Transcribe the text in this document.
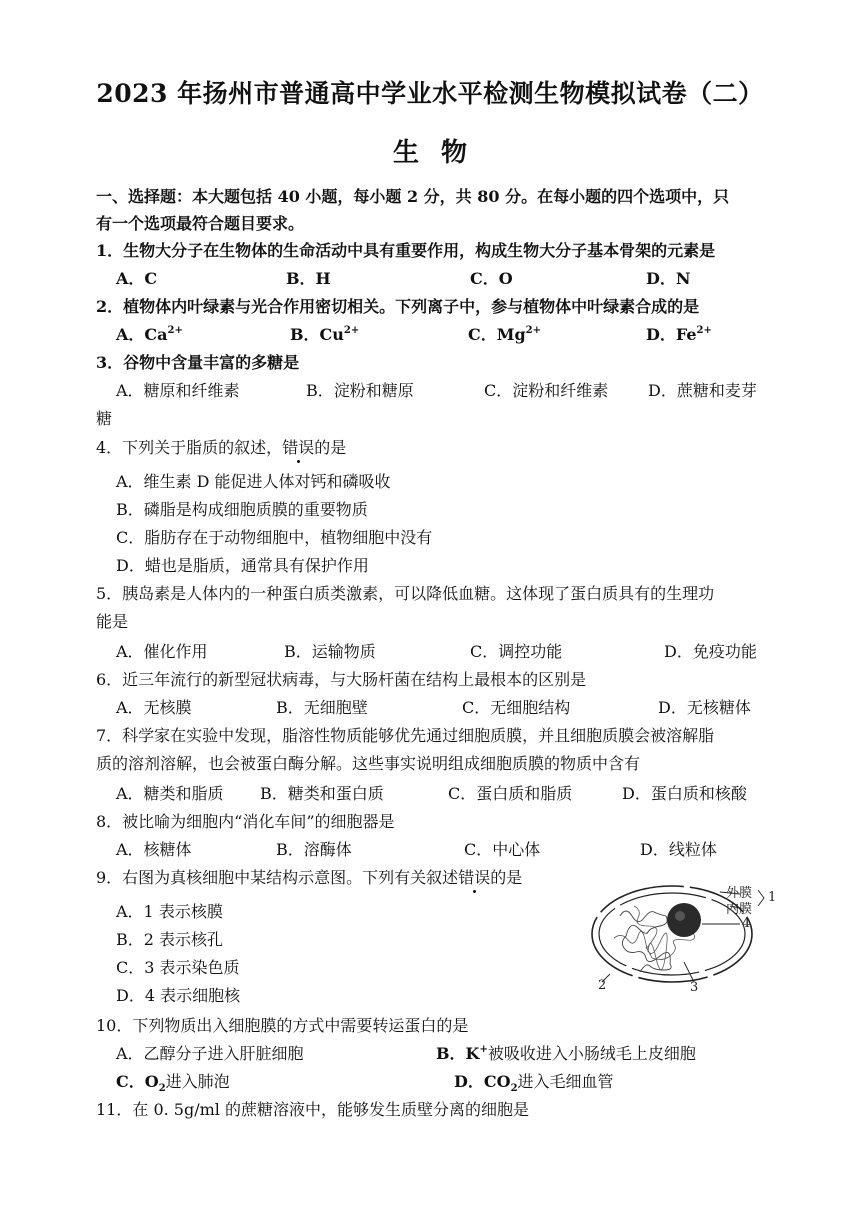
2023 年扬州市普通高中学业水平检测生物模拟试卷（二）
生物
一、选择题：本大题包括 40 小题，每小题 2 分，共 80 分。在每小题的四个选项中，只
有一个选项最符合题目要求。
1．生物大分子在生物体的生命活动中具有重要作用，构成生物大分子基本骨架的元素是
A．C	B．H	C．O	D．N
2．植物体内叶绿素与光合作用密切相关。下列离子中，参与植物体中叶绿素合成的是
A．$Ca^{2+}$	B．$Cu^{2+}$	C．$Mg^{2+}$	D．$Fe^{2+}$
3．谷物中含量丰富的多糖是
A．糖原和纤维素	B．淀粉和糖原	C．淀粉和纤维素 D．蔗糖和麦芽
糖
4．下列关于脂质的叙述，错误的是
A．维生素 D 能促进人体对钙和磷吸收
B．磷脂是构成细胞质膜的重要物质
C．脂肪存在于动物细胞中，植物细胞中没有
D．蜡也是脂质，通常具有保护作用
5．胰岛素是人体内的一种蛋白质类激素，可以降低血糖。这体现了蛋白质具有的生理功
能是
A．催化作用	B．运输物质	C．调控功能	D．免疫功能
6．近三年流行的新型冠状病毒，与大肠杆菌在结构上最根本的区别是
A．无核膜	B．无细胞壁	C．无细胞结构	D．无核糖体
7．科学家在实验中发现，脂溶性物质能够优先通过细胞质膜，并且细胞质膜会被溶解脂
质的溶剂溶解，也会被蛋白酶分解。这些事实说明组成细胞质膜的物质中含有
A．糖类和脂质 B．糖类和蛋白质	C．蛋白质和脂质	D．蛋白质和核酸
8．被比喻为细胞内“消化车间”的细胞器是
A．核糖体	B．溶酶体	C．中心体	D．线粒体
9．右图为真核细胞中某结构示意图。下列有关叙述错误的是
A．1 表示核膜
B．2 表示核孔
C．3 表示染色质
D．4 表示细胞核
外膜
内膜
1
4
2	3
10．下列物质出入细胞膜的方式中需要转运蛋白的是
A．乙醇分子进入肝脏细胞	B．K+被吸收进入小肠绒毛上皮细胞
C．$O_2$进入肺泡	D．$CO_2$进入毛细血管
11．在 0. 5g/ml 的蔗糖溶液中，能够发生质壁分离的细胞是
